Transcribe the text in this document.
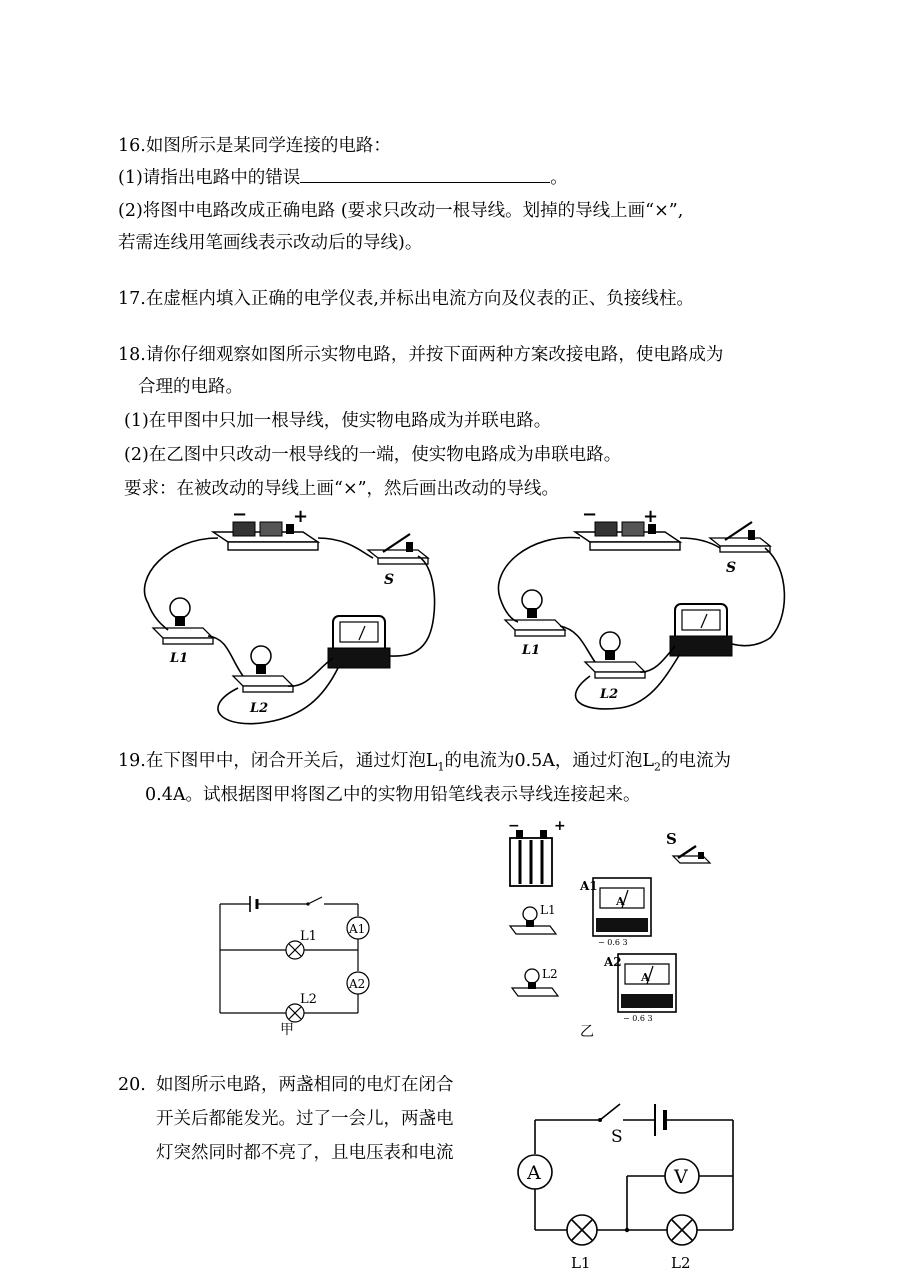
16.如图所示是某同学连接的电路：
(1)请指出电路中的错误	。
(2)将图中电路改成正确电路 (要求只改动一根导线。划掉的导线上画“×”,
若需连线用笔画线表示改动后的导线)。
17.在虚框内填入正确的电学仪表,并标出电流方向及仪表的正、负接线柱。
18.请你仔细观察如图所示实物电路，并按下面两种方案改接电路，使电路成为
合理的电路。
(1)在甲图中只加一根导线，使实物电路成为并联电路。
(2)在乙图中只改动一根导线的一端，使实物电路成为串联电路。
要求：在被改动的导线上画“×”，然后画出改动的导线。
−	+
S
L1
L2
−	+
S
L1
L2
19.在下图甲中，闭合开关后，通过灯泡$L_1$的电流为0.5A，通过灯泡$L_2$的电流为
0.4A。试根据图甲将图乙中的实物用铅笔线表示导线连接起来。
A1
A2
L1
L2
甲
− +
S
A1
A
− 0.6 3
L1
L2
A2
A
− 0.6 3
乙
20. 如图所示电路，两盏相同的电灯在闭合
开关后都能发光。过了一会儿，两盏电
灯突然同时都不亮了，且电压表和电流
S
A	V
L1	L2
